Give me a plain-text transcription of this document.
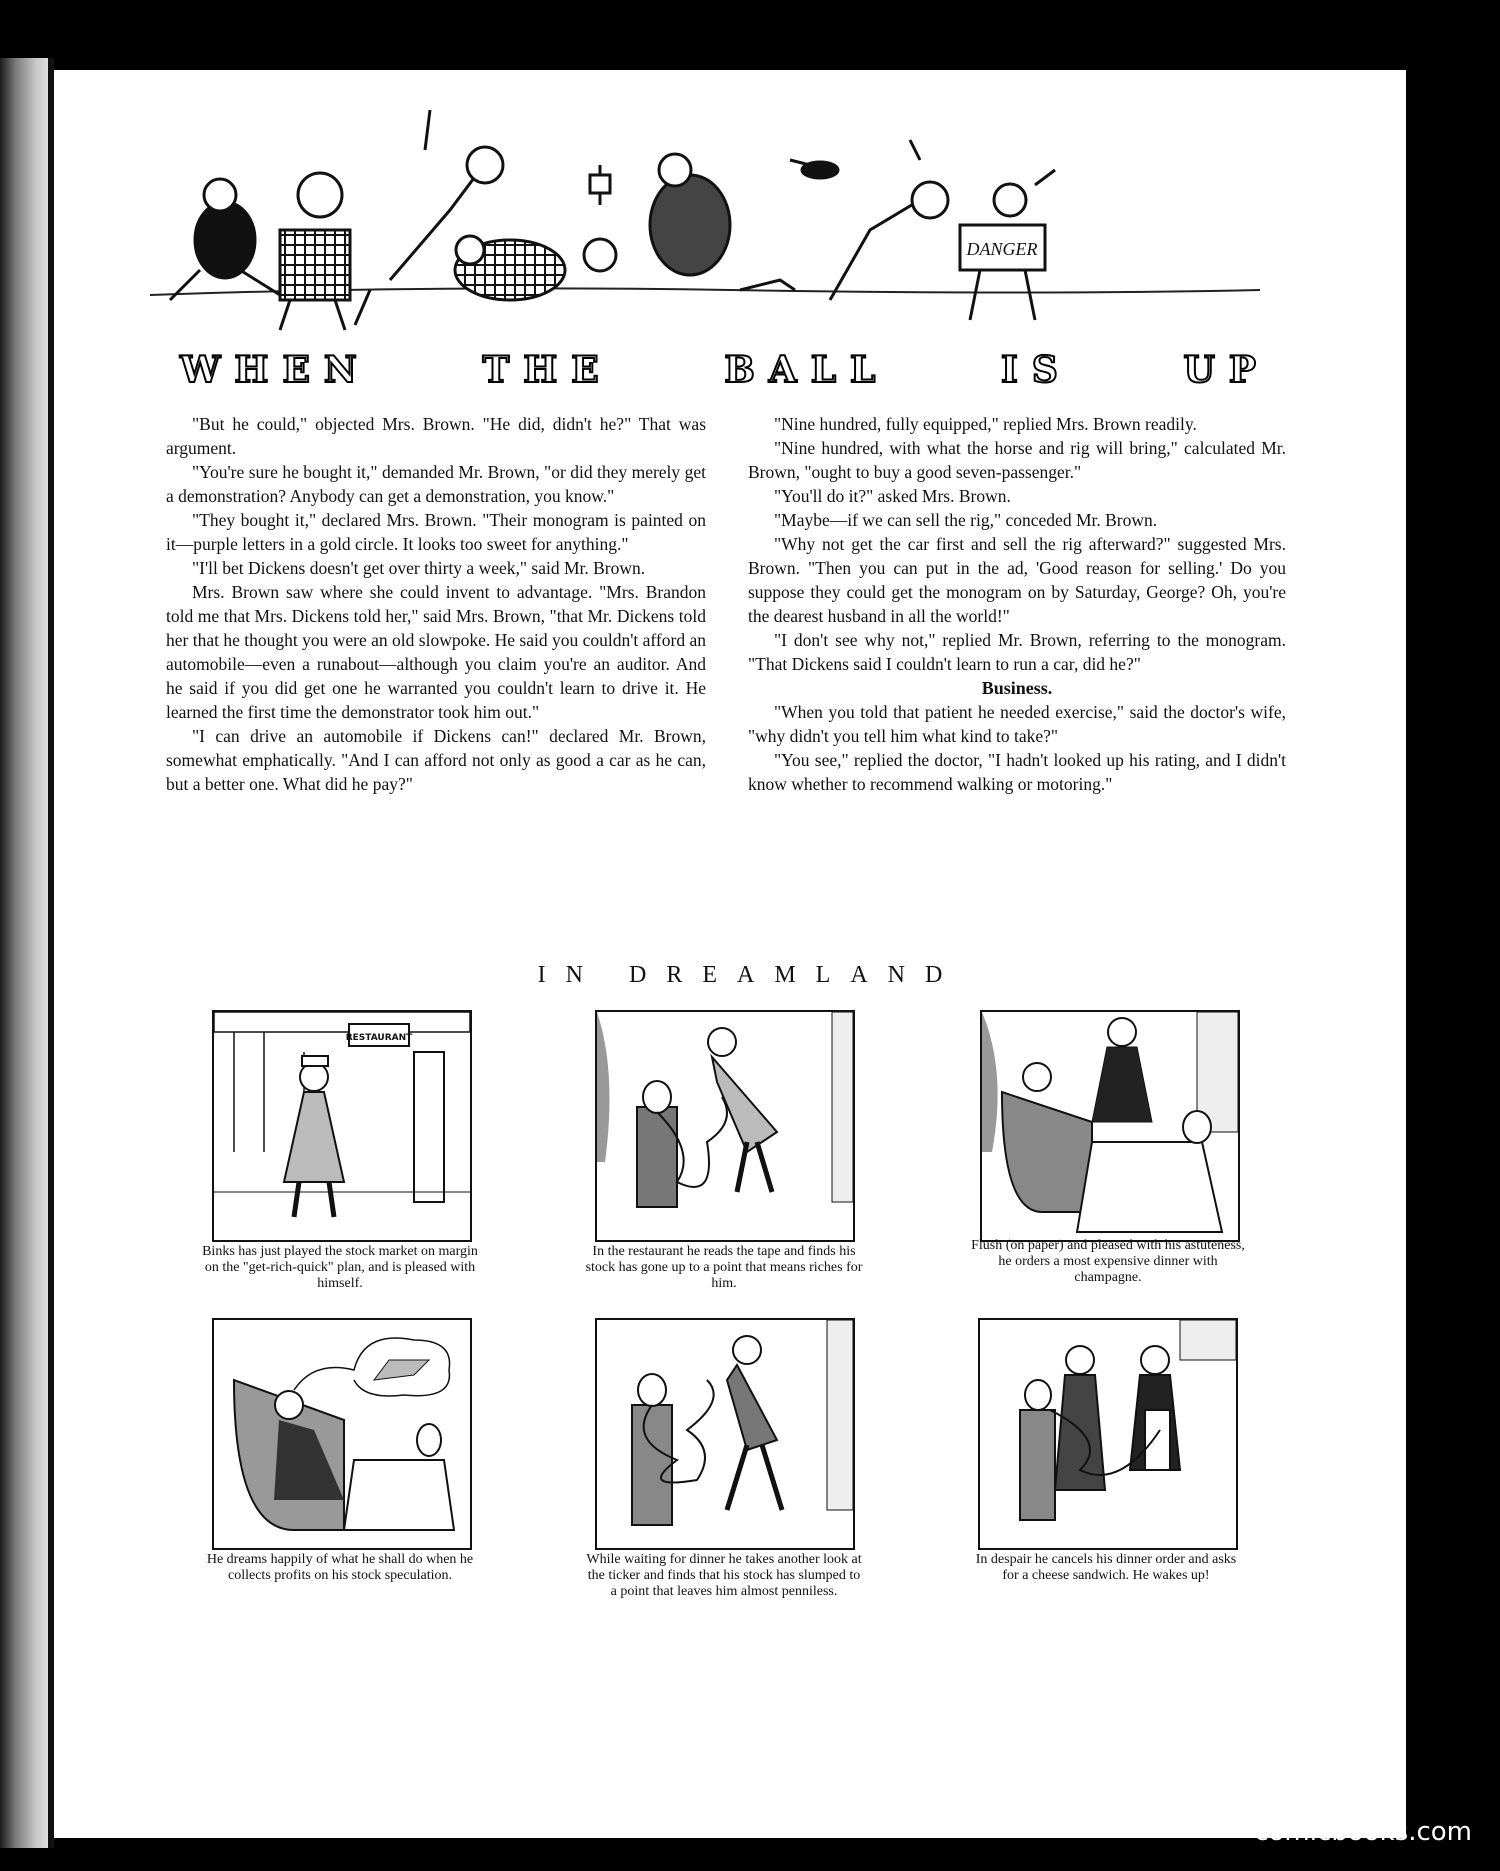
DANGER
WHEN	THE	BALL	IS	UP

"But he could," objected Mrs. Brown. "He did, didn't he?" That was argument.

"You're sure he bought it," demanded Mr. Brown, "or did they merely get a demonstration? Anybody can get a demonstration, you know."

"They bought it," declared Mrs. Brown. "Their monogram is painted on it—purple letters in a gold circle. It looks too sweet for anything."

"I'll bet Dickens doesn't get over thirty a week," said Mr. Brown.

Mrs. Brown saw where she could invent to advantage. "Mrs. Brandon told me that Mrs. Dickens told her," said Mrs. Brown, "that Mr. Dickens told her that he thought you were an old slowpoke. He said you couldn't afford an automobile—even a runabout—although you claim you're an auditor. And he said if you did get one he warranted you couldn't learn to drive it. He learned the first time the demonstrator took him out."

"I can drive an automobile if Dickens can!" declared Mr. Brown, somewhat emphatically. "And I can afford not only as good a car as he can, but a better one. What did he pay?"

"Nine hundred, fully equipped," replied Mrs. Brown readily.

"Nine hundred, with what the horse and rig will bring," calculated Mr. Brown, "ought to buy a good seven-passenger."

"You'll do it?" asked Mrs. Brown.

"Maybe—if we can sell the rig," conceded Mr. Brown.

"Why not get the car first and sell the rig afterward?" suggested Mrs. Brown. "Then you can put in the ad, 'Good reason for selling.' Do you suppose they could get the monogram on by Saturday, George? Oh, you're the dearest husband in all the world!"

"I don't see why not," replied Mr. Brown, referring to the monogram. "That Dickens said I couldn't learn to run a car, did he?"

Business.

"When you told that patient he needed exercise," said the doctor's wife, "why didn't you tell him what kind to take?"

"You see," replied the doctor, "I hadn't looked up his rating, and I didn't know whether to recommend walking or motoring."

IN DREAMLAND
RESTAURANT
Binks has just played the stock market on margin on the "get-rich-quick" plan, and is pleased with himself.
In the restaurant he reads the tape and finds his stock has gone up to a point that means riches for him.
Flush (on paper) and pleased with his astuteness, he orders a most expensive dinner with champagne.
He dreams happily of what he shall do when he collects profits on his stock speculation.
While waiting for dinner he takes another look at the ticker and finds that his stock has slumped to a point that leaves him almost penniless.
In despair he cancels his dinner order and asks for a cheese sandwich. He wakes up!
comicbooks.com
